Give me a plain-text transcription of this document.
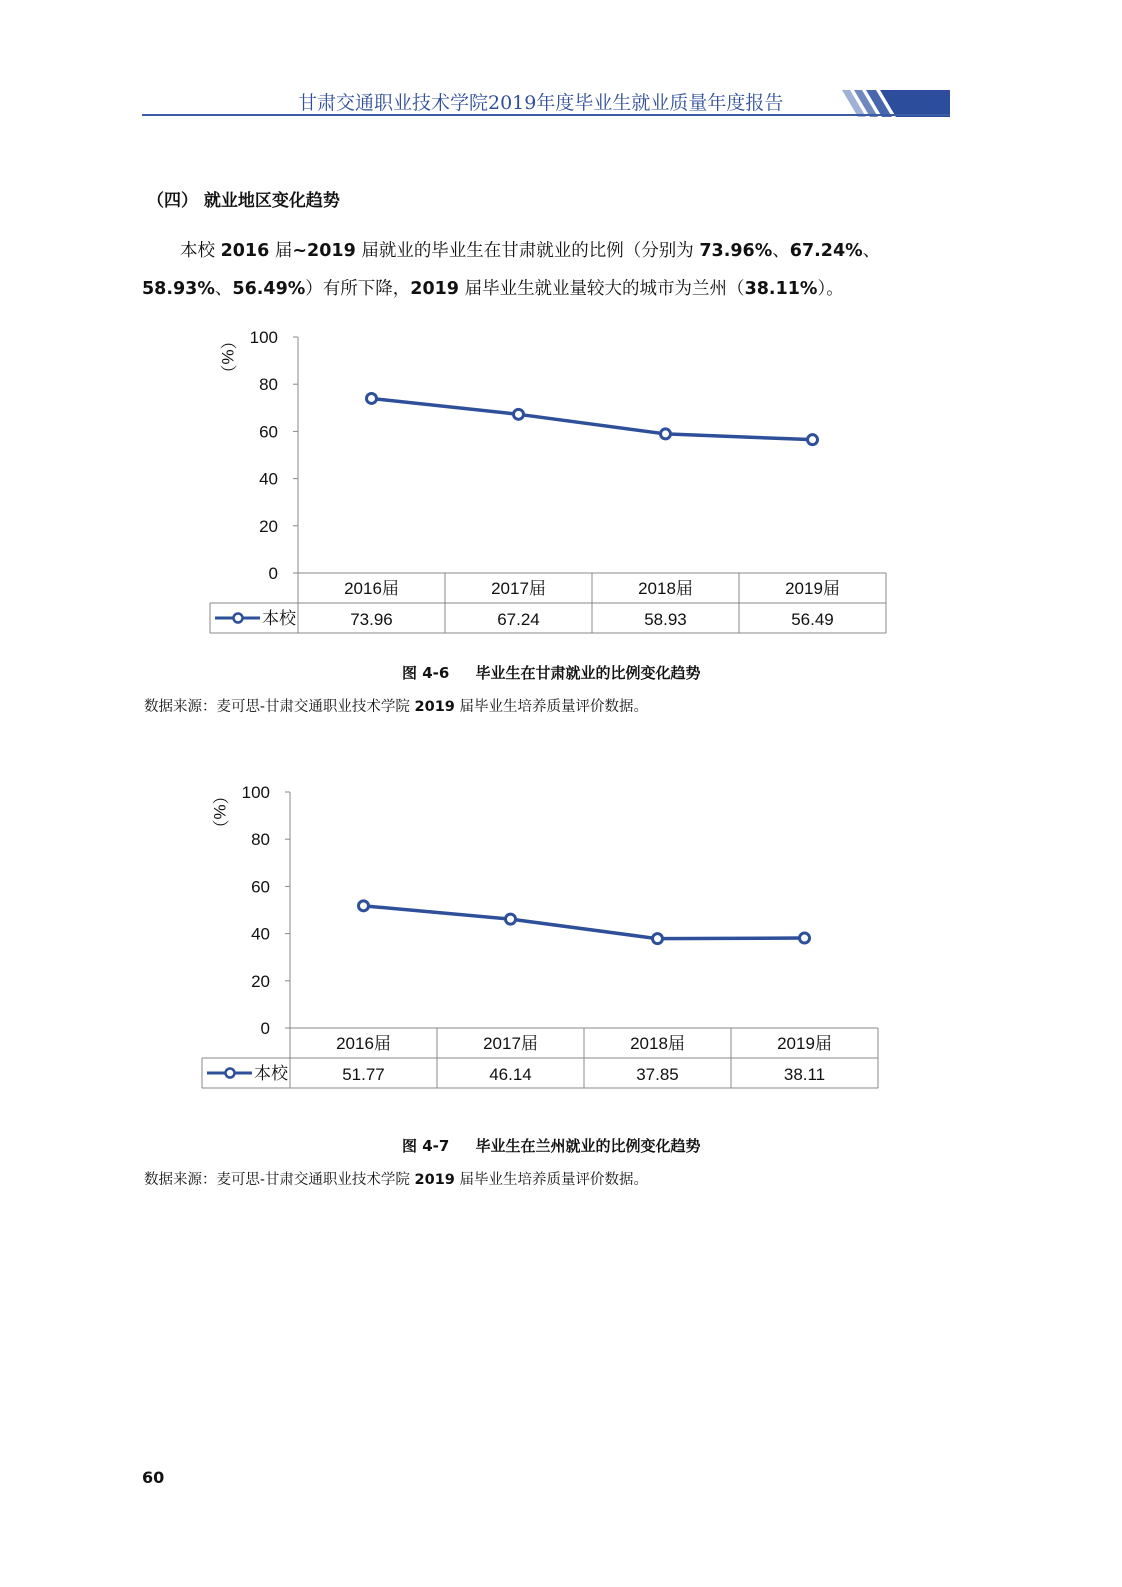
甘肃交通职业技术学院2019年度毕业生就业质量年度报告
（四） 就业地区变化趋势
本校 2016 届~2019 届就业的毕业生在甘肃就业的比例（分别为 73.96%、67.24%、
58.93%、56.49%）有所下降，2019 届毕业生就业量较大的城市为兰州（38.11%）。
100
80
60
40
20
0
（%）
2016届	2017届	2018届	2019届
本校	73.96	67.24	58.93	56.49
图 4-6 毕业生在甘肃就业的比例变化趋势
数据来源：麦可思-甘肃交通职业技术学院 2019 届毕业生培养质量评价数据。
100
80
60
40
20
0
（%）
2016届	2017届	2018届	2019届
本校	51.77	46.14	37.85	38.11
图 4-7 毕业生在兰州就业的比例变化趋势
数据来源：麦可思-甘肃交通职业技术学院 2019 届毕业生培养质量评价数据。
60
